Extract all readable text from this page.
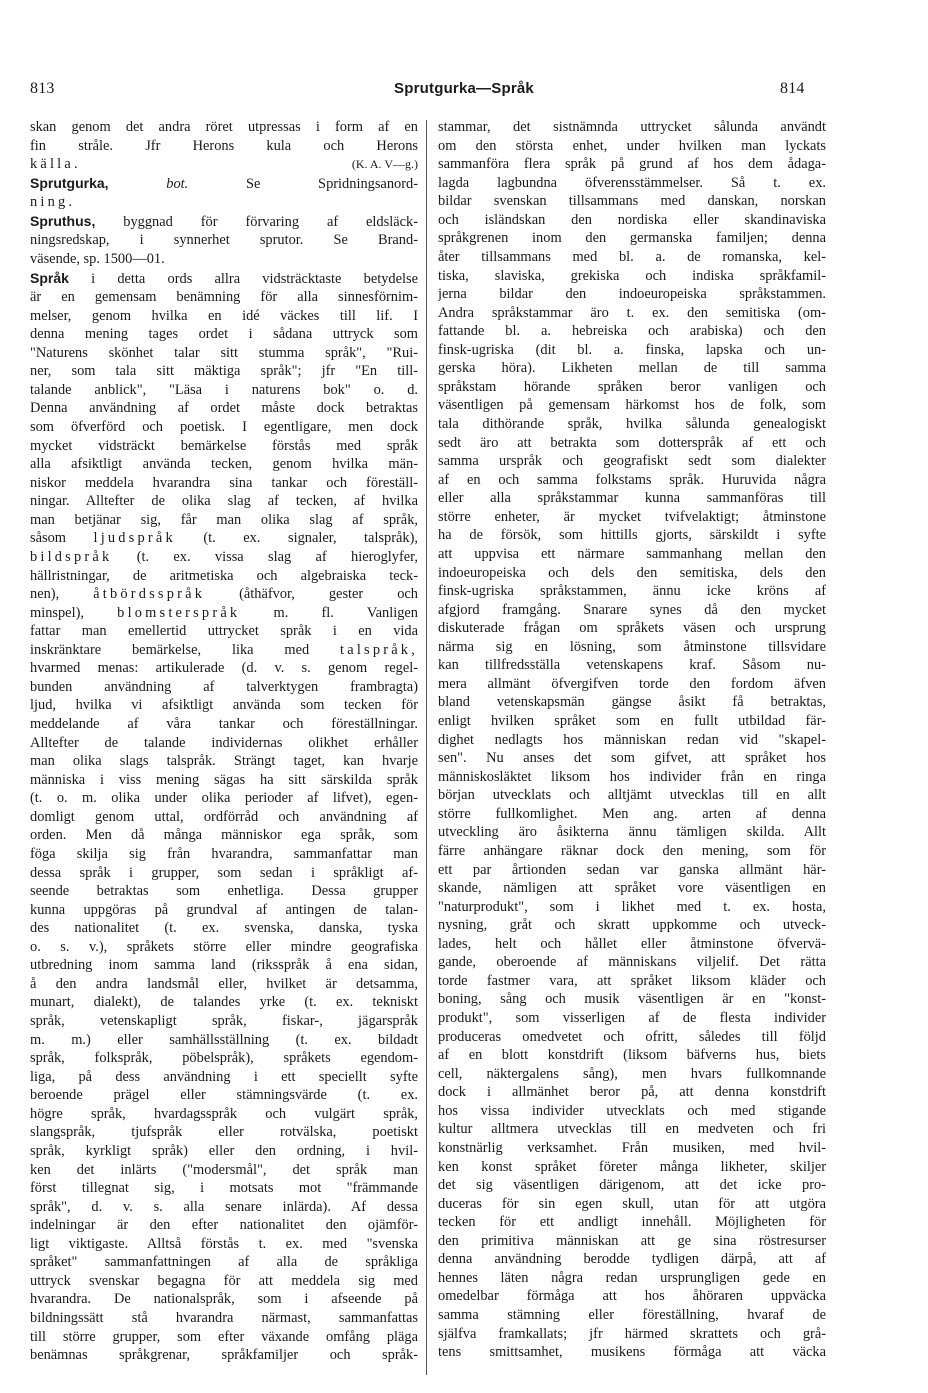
813	Sprutgurka—Språk	814
skan genom det andra röret utpressas i form af en
fin stråle. Jfr Herons kula och Herons
källa.	(K. A. V—g.)
Sprutgurka, bot. Se Spridningsanord-
ning.
Spruthus, byggnad för förvaring af eldsläck-
ningsredskap, i synnerhet sprutor. Se Brand-
väsende, sp. 1500—01.
Språk i detta ords allra vidsträcktaste betydelse
är en gemensam benämning för alla sinnesförnim-
melser, genom hvilka en idé väckes till lif. I
denna mening tages ordet i sådana uttryck som
"Naturens skönhet talar sitt stumma språk", "Rui-
ner, som tala sitt mäktiga språk"; jfr "En till-
talande anblick", "Läsa i naturens bok" o. d.
Denna användning af ordet måste dock betraktas
som öfverförd och poetisk. I egentligare, men dock
mycket vidsträckt bemärkelse förstås med språk
alla afsiktligt använda tecken, genom hvilka män-
niskor meddela hvarandra sina tankar och föreställ-
ningar. Alltefter de olika slag af tecken, af hvilka
man betjänar sig, får man olika slag af språk,
såsom ljudspråk (t. ex. signaler, talspråk),
bildspråk (t. ex. vissa slag af hieroglyfer,
hällristningar, de aritmetiska och algebraiska teck-
nen), åtbördsspråk (åthäfvor, gester och
minspel), blomsterspråk m. fl. Vanligen
fattar man emellertid uttrycket språk i en vida
inskränktare bemärkelse, lika med talspråk,
hvarmed menas: artikulerade (d. v. s. genom regel-
bunden användning af talverktygen frambragta)
ljud, hvilka vi afsiktligt använda som tecken för
meddelande af våra tankar och föreställningar.
Alltefter de talande individernas olikhet erhåller
man olika slags talspråk. Strängt taget, kan hvarje
människa i viss mening sägas ha sitt särskilda språk
(t. o. m. olika under olika perioder af lifvet), egen-
domligt genom uttal, ordförråd och användning af
orden. Men då många människor ega språk, som
föga skilja sig från hvarandra, sammanfattar man
dessa språk i grupper, som sedan i språkligt af-
seende betraktas som enhetliga. Dessa grupper
kunna uppgöras på grundval af antingen de talan-
des nationalitet (t. ex. svenska, danska, tyska
o. s. v.), språkets större eller mindre geografiska
utbredning inom samma land (riksspråk å ena sidan,
å den andra landsmål eller, hvilket är detsamma,
munart, dialekt), de talandes yrke (t. ex. tekniskt
språk, vetenskapligt språk, fiskar-, jägarspråk
m. m.) eller samhällsställning (t. ex. bildadt
språk, folkspråk, pöbelspråk), språkets egendom-
liga, på dess användning i ett speciellt syfte
beroende prägel eller stämningsvärde (t. ex.
högre språk, hvardagsspråk och vulgärt språk,
slangspråk, tjufspråk eller rotvälska, poetiskt
språk, kyrkligt språk) eller den ordning, i hvil-
ken det inlärts ("modersmål", det språk man
först tillegnat sig, i motsats mot "främmande
språk", d. v. s. alla senare inlärda). Af dessa
indelningar är den efter nationalitet den ojämför-
ligt viktigaste. Alltså förstås t. ex. med "svenska
språket" sammanfattningen af alla de språkliga
uttryck svenskar begagna för att meddela sig med
hvarandra. De nationalspråk, som i afseende på
bildningssätt stå hvarandra närmast, sammanfattas
till större grupper, som efter växande omfång pläga
benämnas språkgrenar, språkfamiljer och språk-
stammar, det sistnämnda uttrycket sålunda användt
om den största enhet, under hvilken man lyckats
sammanföra flera språk på grund af hos dem ådaga-
lagda lagbundna öfverensstämmelser. Så t. ex.
bildar svenskan tillsammans med danskan, norskan
och isländskan den nordiska eller skandinaviska
språkgrenen inom den germanska familjen; denna
åter tillsammans med bl. a. de romanska, kel-
tiska, slaviska, grekiska och indiska språkfamil-
jerna bildar den indoeuropeiska språkstammen.
Andra språkstammar äro t. ex. den semitiska (om-
fattande bl. a. hebreiska och arabiska) och den
finsk-ugriska (dit bl. a. finska, lapska och un-
gerska höra). Likheten mellan de till samma
språkstam hörande språken beror vanligen och
väsentligen på gemensam härkomst hos de folk, som
tala dithörande språk, hvilka sålunda genealogiskt
sedt äro att betrakta som dotterspråk af ett och
samma urspråk och geografiskt sedt som dialekter
af en och samma folkstams språk. Huruvida några
eller alla språkstammar kunna sammanföras till
större enheter, är mycket tvifvelaktigt; åtminstone
ha de försök, som hittills gjorts, särskildt i syfte
att uppvisa ett närmare sammanhang mellan den
indoeuropeiska och dels den semitiska, dels den
finsk-ugriska språkstammen, ännu icke kröns af
afgjord framgång. Snarare synes då den mycket
diskuterade frågan om språkets väsen och ursprung
närma sig en lösning, som åtminstone tillsvidare
kan tillfredsställa vetenskapens kraf. Såsom nu-
mera allmänt öfvergifven torde den fordom äfven
bland vetenskapsmän gängse åsikt få betraktas,
enligt hvilken språket som en fullt utbildad fär-
dighet nedlagts hos människan redan vid "skapel-
sen". Nu anses det som gifvet, att språket hos
människosläktet liksom hos individer från en ringa
början utvecklats och alltjämt utvecklas till en allt
större fullkomlighet. Men ang. arten af denna
utveckling äro åsikterna ännu tämligen skilda. Allt
färre anhängare räknar dock den mening, som för
ett par årtionden sedan var ganska allmänt här-
skande, nämligen att språket vore väsentligen en
"naturprodukt", som i likhet med t. ex. hosta,
nysning, gråt och skratt uppkomme och utveck-
lades, helt och hållet eller åtminstone öfvervä-
gande, oberoende af människans viljelif. Det rätta
torde fastmer vara, att språket liksom kläder och
boning, sång och musik väsentligen är en "konst-
produkt", som visserligen af de flesta individer
produceras omedvetet och ofritt, således till följd
af en blott konstdrift (liksom bäfverns hus, biets
cell, näktergalens sång), men hvars fullkomnande
dock i allmänhet beror på, att denna konstdrift
hos vissa individer utvecklats och med stigande
kultur alltmera utvecklas till en medveten och fri
konstnärlig verksamhet. Från musiken, med hvil-
ken konst språket företer många likheter, skiljer
det sig väsentligen därigenom, att det icke pro-
duceras för sin egen skull, utan för att utgöra
tecken för ett andligt innehåll. Möjligheten för
den primitiva människan att ge sina röstresurser
denna användning berodde tydligen därpå, att af
hennes läten några redan ursprungligen gede en
omedelbar förmåga att hos åhöraren uppväcka
samma stämning eller föreställning, hvaraf de
själfva framkallats; jfr härmed skrattets och grå-
tens smittsamhet, musikens förmåga att väcka
